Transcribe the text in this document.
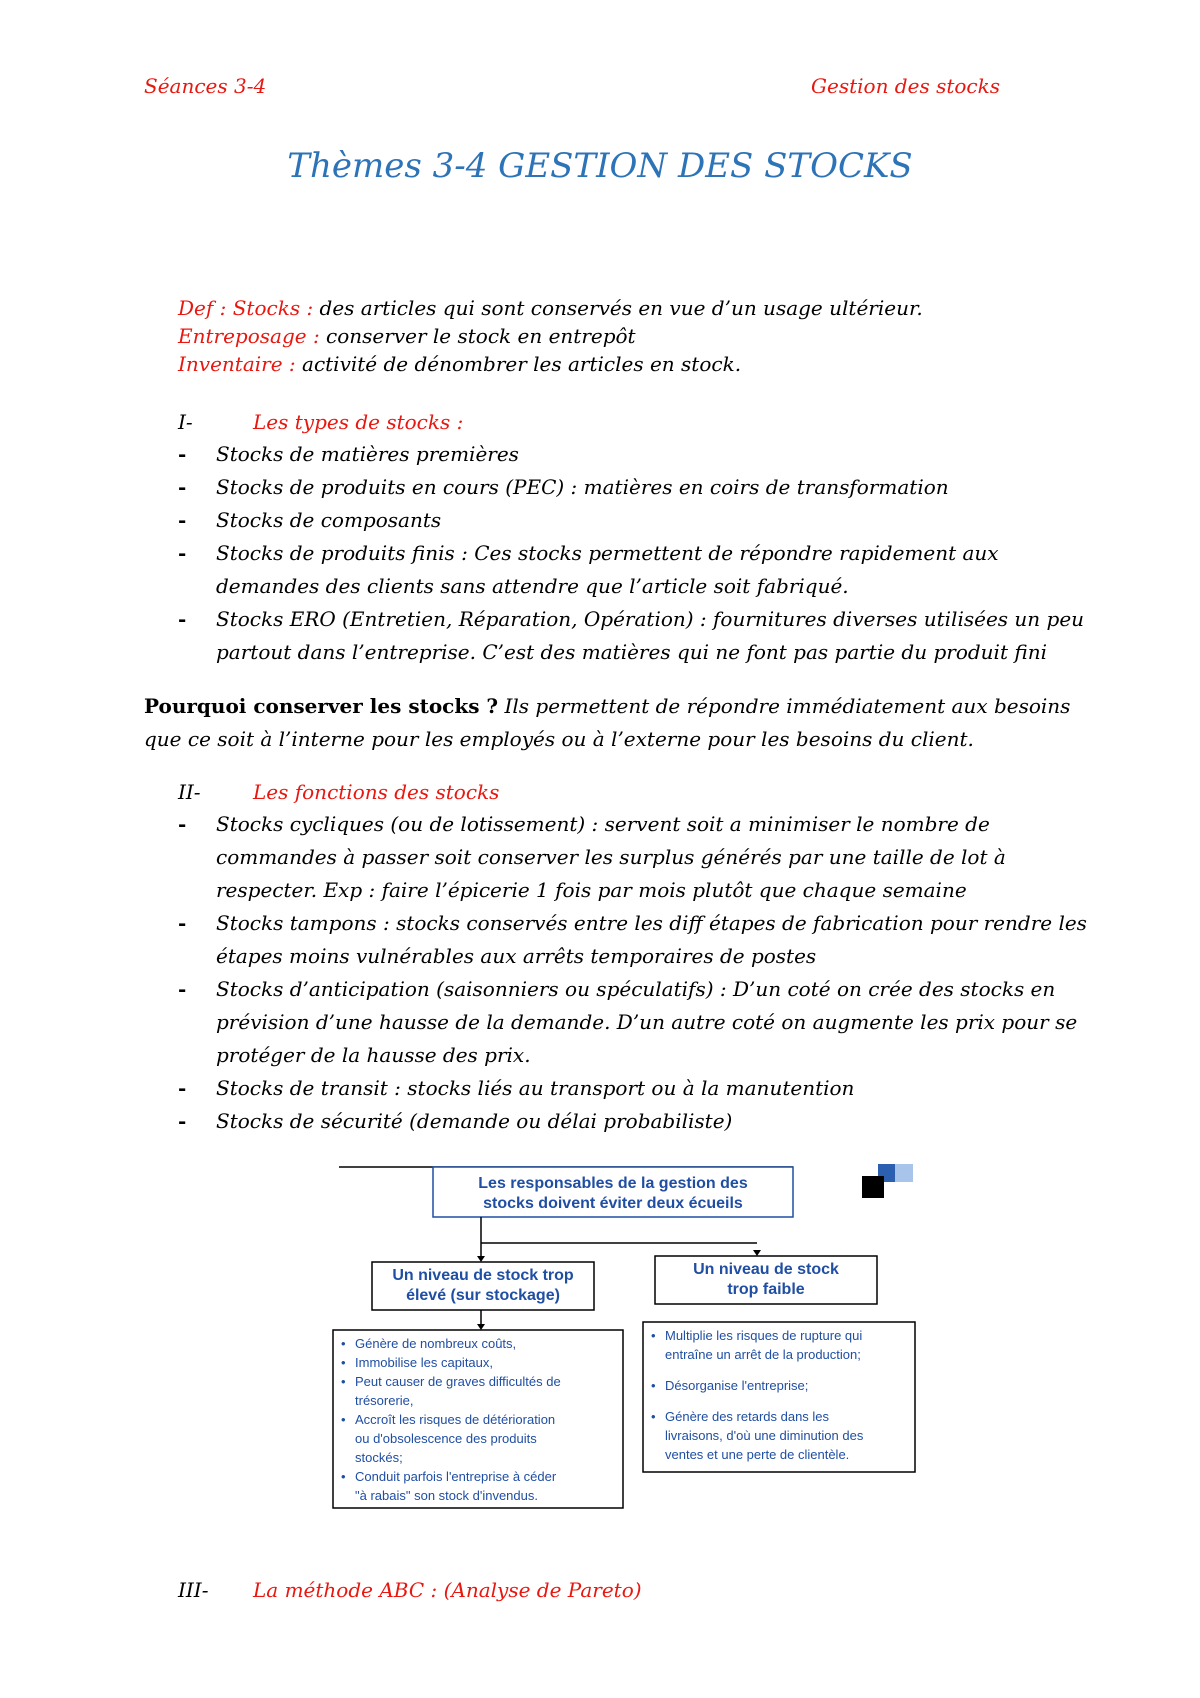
Séances 3-4	Gestion des stocks
Thèmes 3-4 GESTION DES STOCKS
Def : Stocks : des articles qui sont conservés en vue d’un usage ultérieur.
Entreposage : conserver le stock en entrepôt
Inventaire : activité de dénombrer les articles en stock.
I-	Les types de stocks :
- Stocks de matières premières
- Stocks de produits en cours (PEC) : matières en coirs de transformation
- Stocks de composants
- Stocks de produits finis : Ces stocks permettent de répondre rapidement aux
demandes des clients sans attendre que l’article soit fabriqué.
- Stocks ERO (Entretien, Réparation, Opération) : fournitures diverses utilisées un peu
partout dans l’entreprise. C’est des matières qui ne font pas partie du produit fini
Pourquoi conserver les stocks ? Ils permettent de répondre immédiatement aux besoins
que ce soit à l’interne pour les employés ou à l’externe pour les besoins du client.
II-	Les fonctions des stocks
- Stocks cycliques (ou de lotissement) : servent soit a minimiser le nombre de
commandes à passer soit conserver les surplus générés par une taille de lot à
respecter. Exp : faire l’épicerie 1 fois par mois plutôt que chaque semaine
- Stocks tampons : stocks conservés entre les diff étapes de fabrication pour rendre les
étapes moins vulnérables aux arrêts temporaires de postes
- Stocks d’anticipation (saisonniers ou spéculatifs) : D’un coté on crée des stocks en
prévision d’une hausse de la demande. D’un autre coté on augmente les prix pour se
protéger de la hausse des prix.
- Stocks de transit : stocks liés au transport ou à la manutention
- Stocks de sécurité (demande ou délai probabiliste)
Les responsables de la gestion des
stocks doivent éviter deux écueils
Un niveau de stock trop
élevé (sur stockage)
Un niveau de stock
trop faible
• Génère de nombreux coûts,
• Immobilise les capitaux,
• Peut causer de graves difficultés de
trésorerie,
• Accroît les risques de détérioration
ou d'obsolescence des produits
stockés;
• Conduit parfois l'entreprise à céder
"à rabais" son stock d'invendus.
• Multiplie les risques de rupture qui
entraîne un arrêt de la production;
• Désorganise l'entreprise;
• Génère des retards dans les
livraisons, d'où une diminution des
ventes et une perte de clientèle.
III- La méthode ABC : (Analyse de Pareto)
